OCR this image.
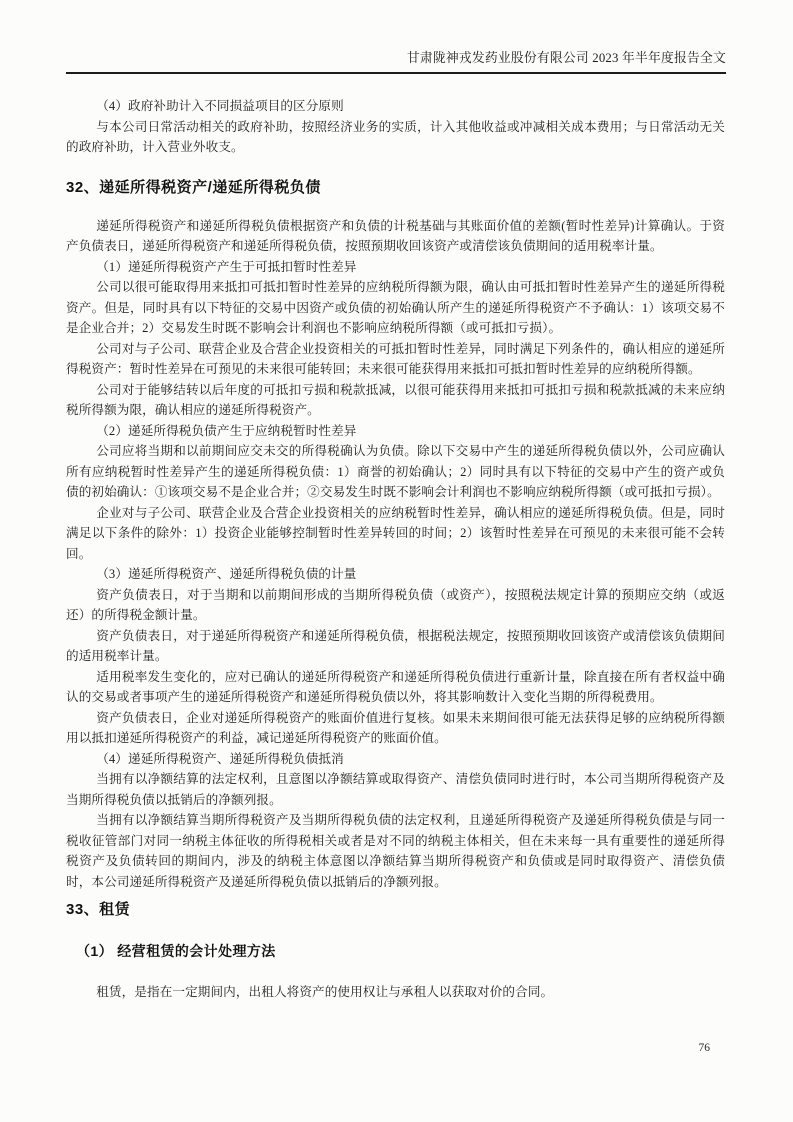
甘肃陇神戎发药业股份有限公司 2023 年半年度报告全文

（4）政府补助计入不同损益项目的区分原则

与本公司日常活动相关的政府补助，按照经济业务的实质，计入其他收益或冲减相关成本费用；与日常活动无关的政府补助，计入营业外收支。

32、递延所得税资产/递延所得税负债

递延所得税资产和递延所得税负债根据资产和负债的计税基础与其账面价值的差额(暂时性差异)计算确认。于资产负债表日，递延所得税资产和递延所得税负债，按照预期收回该资产或清偿该负债期间的适用税率计量。

（1）递延所得税资产产生于可抵扣暂时性差异

公司以很可能取得用来抵扣可抵扣暂时性差异的应纳税所得额为限，确认由可抵扣暂时性差异产生的递延所得税资产。但是，同时具有以下特征的交易中因资产或负债的初始确认所产生的递延所得税资产不予确认：1）该项交易不是企业合并；2）交易发生时既不影响会计利润也不影响应纳税所得额（或可抵扣亏损）。

公司对与子公司、联营企业及合营企业投资相关的可抵扣暂时性差异，同时满足下列条件的，确认相应的递延所得税资产：暂时性差异在可预见的未来很可能转回；未来很可能获得用来抵扣可抵扣暂时性差异的应纳税所得额。

公司对于能够结转以后年度的可抵扣亏损和税款抵减，以很可能获得用来抵扣可抵扣亏损和税款抵减的未来应纳税所得额为限，确认相应的递延所得税资产。

（2）递延所得税负债产生于应纳税暂时性差异

公司应将当期和以前期间应交未交的所得税确认为负债。除以下交易中产生的递延所得税负债以外，公司应确认所有应纳税暂时性差异产生的递延所得税负债：1）商誉的初始确认；2）同时具有以下特征的交易中产生的资产或负债的初始确认：①该项交易不是企业合并；②交易发生时既不影响会计利润也不影响应纳税所得额（或可抵扣亏损）。

企业对与子公司、联营企业及合营企业投资相关的应纳税暂时性差异，确认相应的递延所得税负债。但是，同时满足以下条件的除外：1）投资企业能够控制暂时性差异转回的时间；2）该暂时性差异在可预见的未来很可能不会转回。

（3）递延所得税资产、递延所得税负债的计量

资产负债表日，对于当期和以前期间形成的当期所得税负债（或资产），按照税法规定计算的预期应交纳（或返还）的所得税金额计量。

资产负债表日，对于递延所得税资产和递延所得税负债，根据税法规定，按照预期收回该资产或清偿该负债期间的适用税率计量。

适用税率发生变化的，应对已确认的递延所得税资产和递延所得税负债进行重新计量，除直接在所有者权益中确认的交易或者事项产生的递延所得税资产和递延所得税负债以外，将其影响数计入变化当期的所得税费用。

资产负债表日，企业对递延所得税资产的账面价值进行复核。如果未来期间很可能无法获得足够的应纳税所得额用以抵扣递延所得税资产的利益，减记递延所得税资产的账面价值。

（4）递延所得税资产、递延所得税负债抵消

当拥有以净额结算的法定权利，且意图以净额结算或取得资产、清偿负债同时进行时，本公司当期所得税资产及当期所得税负债以抵销后的净额列报。

当拥有以净额结算当期所得税资产及当期所得税负债的法定权利，且递延所得税资产及递延所得税负债是与同一税收征管部门对同一纳税主体征收的所得税相关或者是对不同的纳税主体相关，但在未来每一具有重要性的递延所得税资产及负债转回的期间内，涉及的纳税主体意图以净额结算当期所得税资产和负债或是同时取得资产、清偿负债时，本公司递延所得税资产及递延所得税负债以抵销后的净额列报。

33、租赁
（1） 经营租赁的会计处理方法

租赁，是指在一定期间内，出租人将资产的使用权让与承租人以获取对价的合同。

76
